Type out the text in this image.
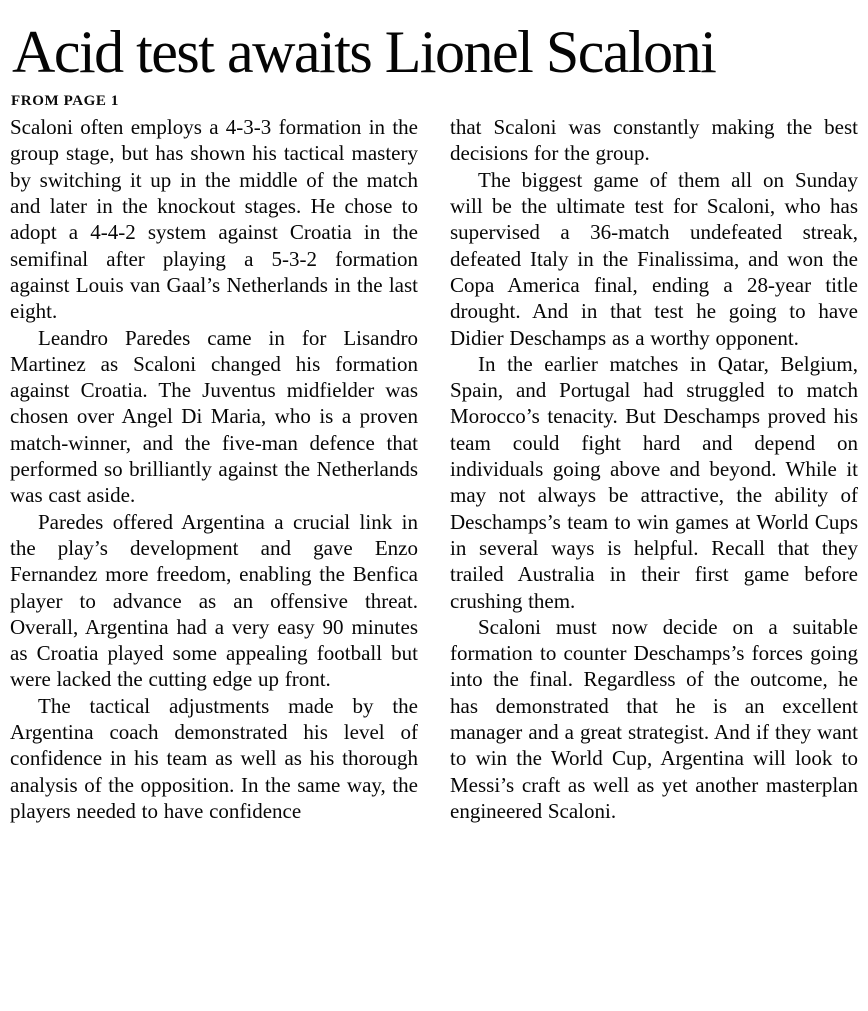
Acid test awaits Lionel Scaloni
FROM PAGE 1

Scaloni often employs a 4-3-3 formation in the group stage, but has shown his tactical mastery by switching it up in the middle of the match and later in the knockout stages. He chose to adopt a 4-4-2 system against Croatia in the semifinal after playing a 5-3-2 formation against Louis van Gaal’s Netherlands in the last eight.

Leandro Paredes came in for Lisandro Martinez as Scaloni changed his formation against Croatia. The Juventus midfielder was chosen over Angel Di Maria, who is a proven match-winner, and the five-man defence that performed so brilliantly against the Netherlands was cast aside.

Paredes offered Argentina a crucial link in the play’s development and gave Enzo Fernandez more freedom, enabling the Benfica player to advance as an offensive threat. Overall, Argentina had a very easy 90 minutes as Croatia played some appealing football but were lacked the cutting edge up front.

The tactical adjustments made by the Argentina coach demonstrated his level of confidence in his team as well as his thorough analysis of the opposition. In the same way, the players needed to have confidence

that Scaloni was constantly making the best decisions for the group.

The biggest game of them all on Sunday will be the ultimate test for Scaloni, who has supervised a 36-match undefeated streak, defeated Italy in the Finalissima, and won the Copa America final, ending a 28-year title drought. And in that test he going to have Didier Deschamps as a worthy opponent.

In the earlier matches in Qatar, Belgium, Spain, and Portugal had struggled to match Morocco’s tenacity. But Deschamps proved his team could fight hard and depend on individuals going above and beyond. While it may not always be attractive, the ability of Deschamps’s team to win games at World Cups in several ways is helpful. Recall that they trailed Australia in their first game before crushing them.

Scaloni must now decide on a suitable formation to counter Deschamps’s forces going into the final. Regardless of the outcome, he has demonstrated that he is an excellent manager and a great strategist. And if they want to win the World Cup, Argentina will look to Messi’s craft as well as yet another masterplan engineered Scaloni.
